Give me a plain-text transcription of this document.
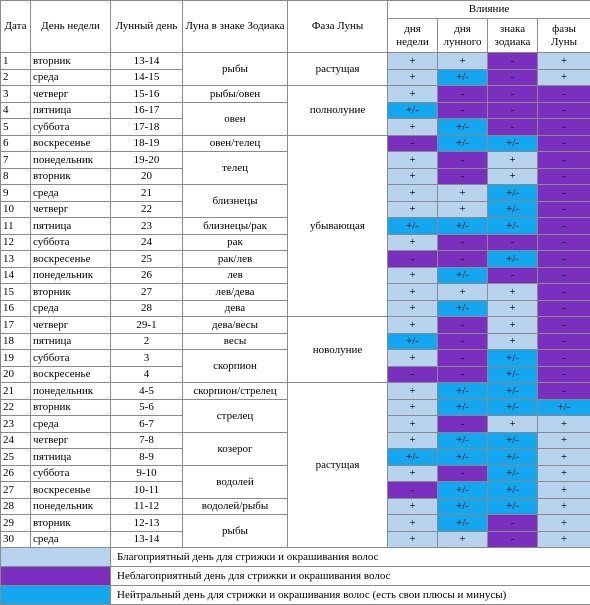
Дата	День недели	Лунный день	Луна в знаке Зодиака	Фаза Луны	Влияние			
					дня недели	дня лунного	знака зодиака	фазы Луны
1	вторник	13-14	рыбы	растущая	+	+	-	+
2	среда	14-15			+	+/-	-	+
3	четверг	15-16	рыбы/овен	полнолуние	+	-	-	-
4	пятница	16-17	овен		+/-	-	-	-
5	суббота	17-18			+	+/-	-	-
6	воскресенье	18-19	овен/телец	убывающая	-	+/-	+/-	-
7	понедельник	19-20	телец		+	-	+	-
8	вторник	20			+	-	+	-
9	среда	21	близнецы		+	+	+/-	-
10	четверг	22			+	+	+/-	-
11	пятница	23	близнецы/рак		+/-	+/-	+/-	-
12	суббота	24	рак		+	-	-	-
13	воскресенье	25	рак/лев		-	-	+/-	-
14	понедельник	26	лев		+	+/-	-	-
15	вторник	27	лев/дева		+	+	+	-
16	среда	28	дева		+	+/-	+	-
17	четверг	29-1	дева/весы	новолуние	+	-	+	-
18	пятница	2	весы		+/-	-	+	-
19	суббота	3	скорпион		+	-	+/-	-
20	воскресенье	4			-	-	+/-	-
21	понедельник	4-5	скорпион/стрелец	растущая	+	+/-	+/-	-
22	вторник	5-6	стрелец		+	+/-	+/-	+/-
23	среда	6-7			+	-	+	+
24	четверг	7-8	козерог		+	+/-	+/-	+
25	пятница	8-9			+/-	+/-	+/-	+
26	суббота	9-10	водолей		+	-	+/-	+
27	воскресенье	10-11			-	+/-	+/-	+
28	понедельник	11-12	водолей/рыбы		+	+/-	+/-	+
29	вторник	12-13	рыбы		+	+/-	-	+
30	среда	13-14			+	+	-	+
		Благоприятный день для стрижки и окрашивания волос						
		Неблагоприятный день для стрижки и окрашивания волос						
		Нейтральный день для стрижки и окрашивания волос (есть свои плюсы и минусы)						
